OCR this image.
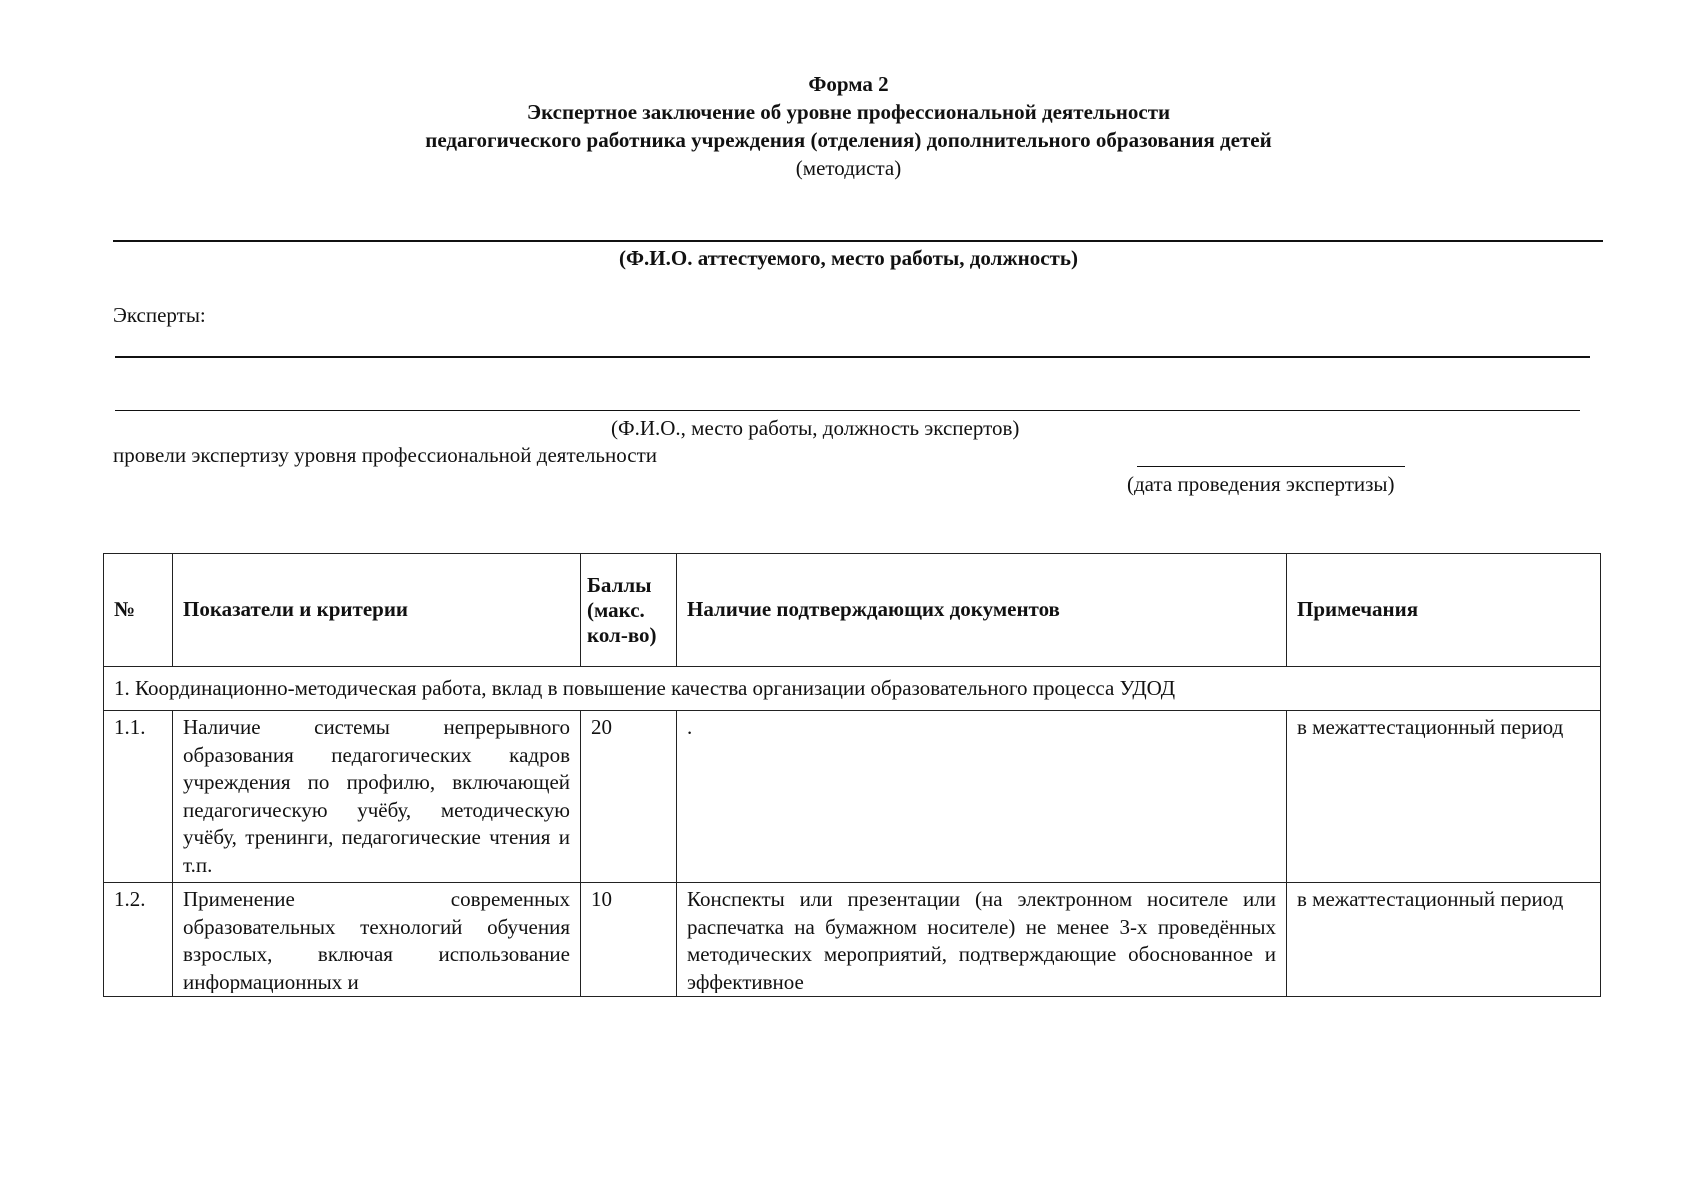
Форма 2
Экспертное заключение об уровне профессиональной деятельности
педагогического работника учреждения (отделения) дополнительного образования детей
(методиста)
(Ф.И.О. аттестуемого, место работы, должность)
Эксперты:
(Ф.И.О., место работы, должность экспертов)
провели экспертизу уровня профессиональной деятельности
(дата проведения экспертизы)
№	Показатели и критерии	Баллы (макс. кол-во)	Наличие подтверждающих документов	Примечания
1. Координационно-методическая работа, вклад в повышение качества организации образовательного процесса УДОД				
1.1.	Наличие системы непрерывного образования педагогических кадров учреждения по профилю, включающей педагогическую учёбу, методическую учёбу, тренинги, педагогические чтения и т.п.	20	.	в межаттестационный период
1.2.	Применение современных образовательных технологий обучения взрослых, включая использование информационных и	10	Конспекты или презентации (на электронном носителе или распечатка на бумажном носителе) не менее 3-х проведённых методических мероприятий, подтверждающие обоснованное и эффективное	в межаттестационный период
